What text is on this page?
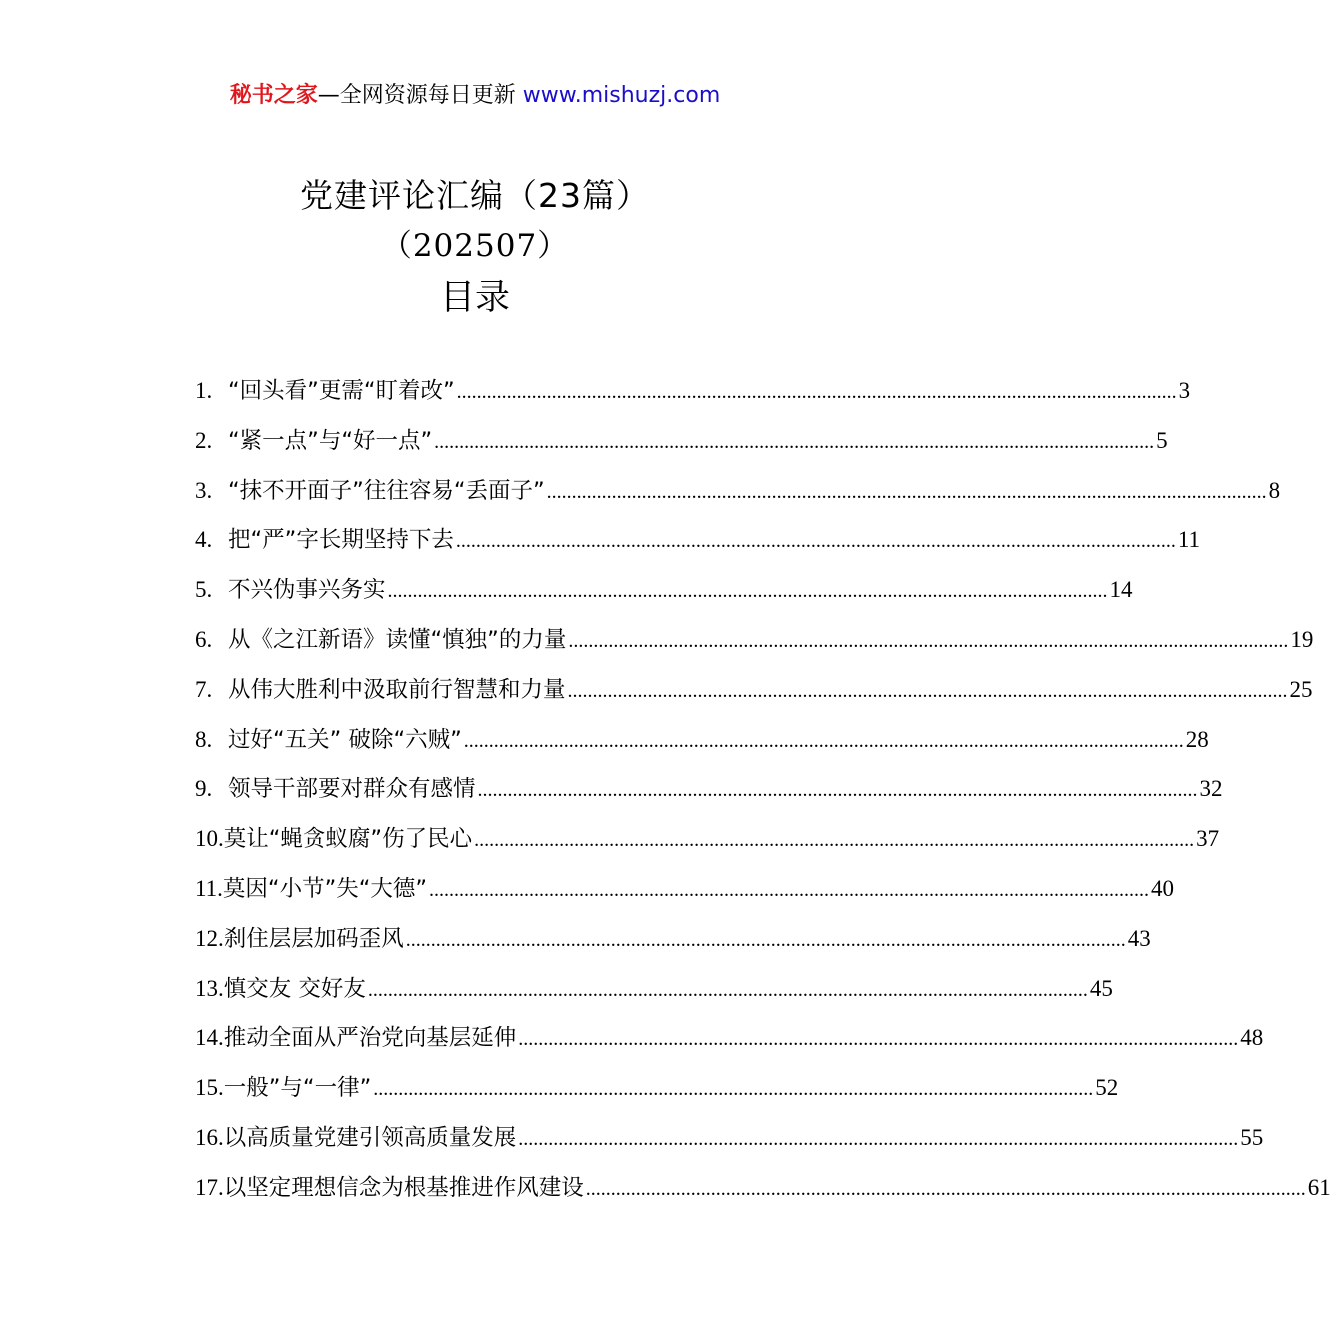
秘书之家—全网资源每日更新 www.mishuzj.com
党建评论汇编（23篇）
（202507）
目录
1. “回头看”更需“盯着改” .....	3
2. “紧一点”与“好一点” .....	5
3. “抹不开面子”往往容易“丢面子” .....	8
4. 把“严”字长期坚持下去 .....	11
5. 不兴伪事兴务实 .....	14
6. 从《之江新语》读懂“慎独”的力量 .....	19
7. 从伟大胜利中汲取前行智慧和力量 .....	25
8. 过好“五关” 破除“六贼” .....	28
9. 领导干部要对群众有感情 .....	32
10. 莫让“蝇贪蚁腐”伤了民心 .....	37
11. 莫因“小节”失“大德” .....	40
12. 刹住层层加码歪风 .....	43
13. 慎交友 交好友 .....	45
14. 推动全面从严治党向基层延伸 .....	48
15. 一般”与“一律” .....	52
16. 以高质量党建引领高质量发展 .....	55
17. 以坚定理想信念为根基推进作风建设 .....	61
